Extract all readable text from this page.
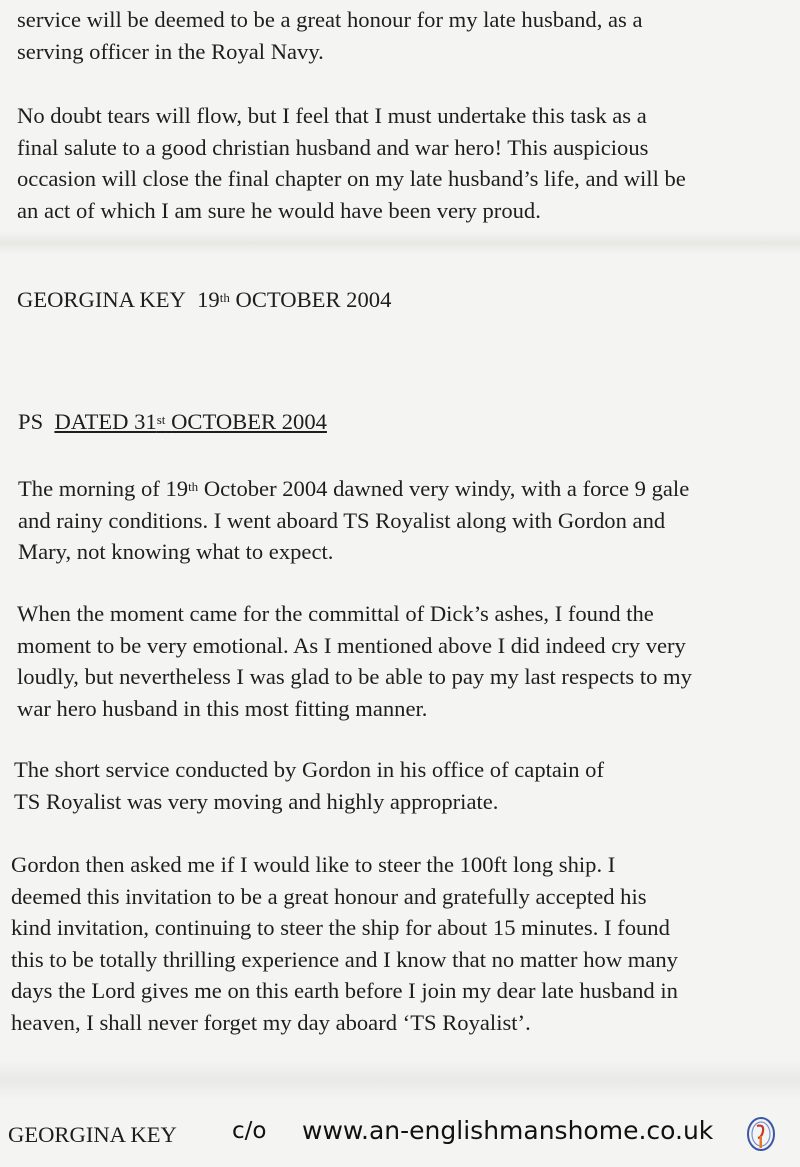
service will be deemed to be a great honour for my late husband, as a
serving officer in the Royal Navy.
No doubt tears will flow, but I feel that I must undertake this task as a
final salute to a good christian husband and war hero! This auspicious
occasion will close the final chapter on my late husband’s life, and will be
an act of which I am sure he would have been very proud.
GEORGINA KEY 19th OCTOBER 2004
PS DATED 31st OCTOBER 2004
The morning of 19th October 2004 dawned very windy, with a force 9 gale
and rainy conditions. I went aboard TS Royalist along with Gordon and
Mary, not knowing what to expect.
When the moment came for the committal of Dick’s ashes, I found the
moment to be very emotional. As I mentioned above I did indeed cry very
loudly, but nevertheless I was glad to be able to pay my last respects to my
war hero husband in this most fitting manner.
The short service conducted by Gordon in his office of captain of
TS Royalist was very moving and highly appropriate.
Gordon then asked me if I would like to steer the 100ft long ship. I
deemed this invitation to be a great honour and gratefully accepted his
kind invitation, continuing to steer the ship for about 15 minutes. I found
this to be totally thrilling experience and I know that no matter how many
days the Lord gives me on this earth before I join my dear late husband in
heaven, I shall never forget my day aboard ‘TS Royalist’.
GEORGINA KEY c/o www.an-englishmanshome.co.uk
